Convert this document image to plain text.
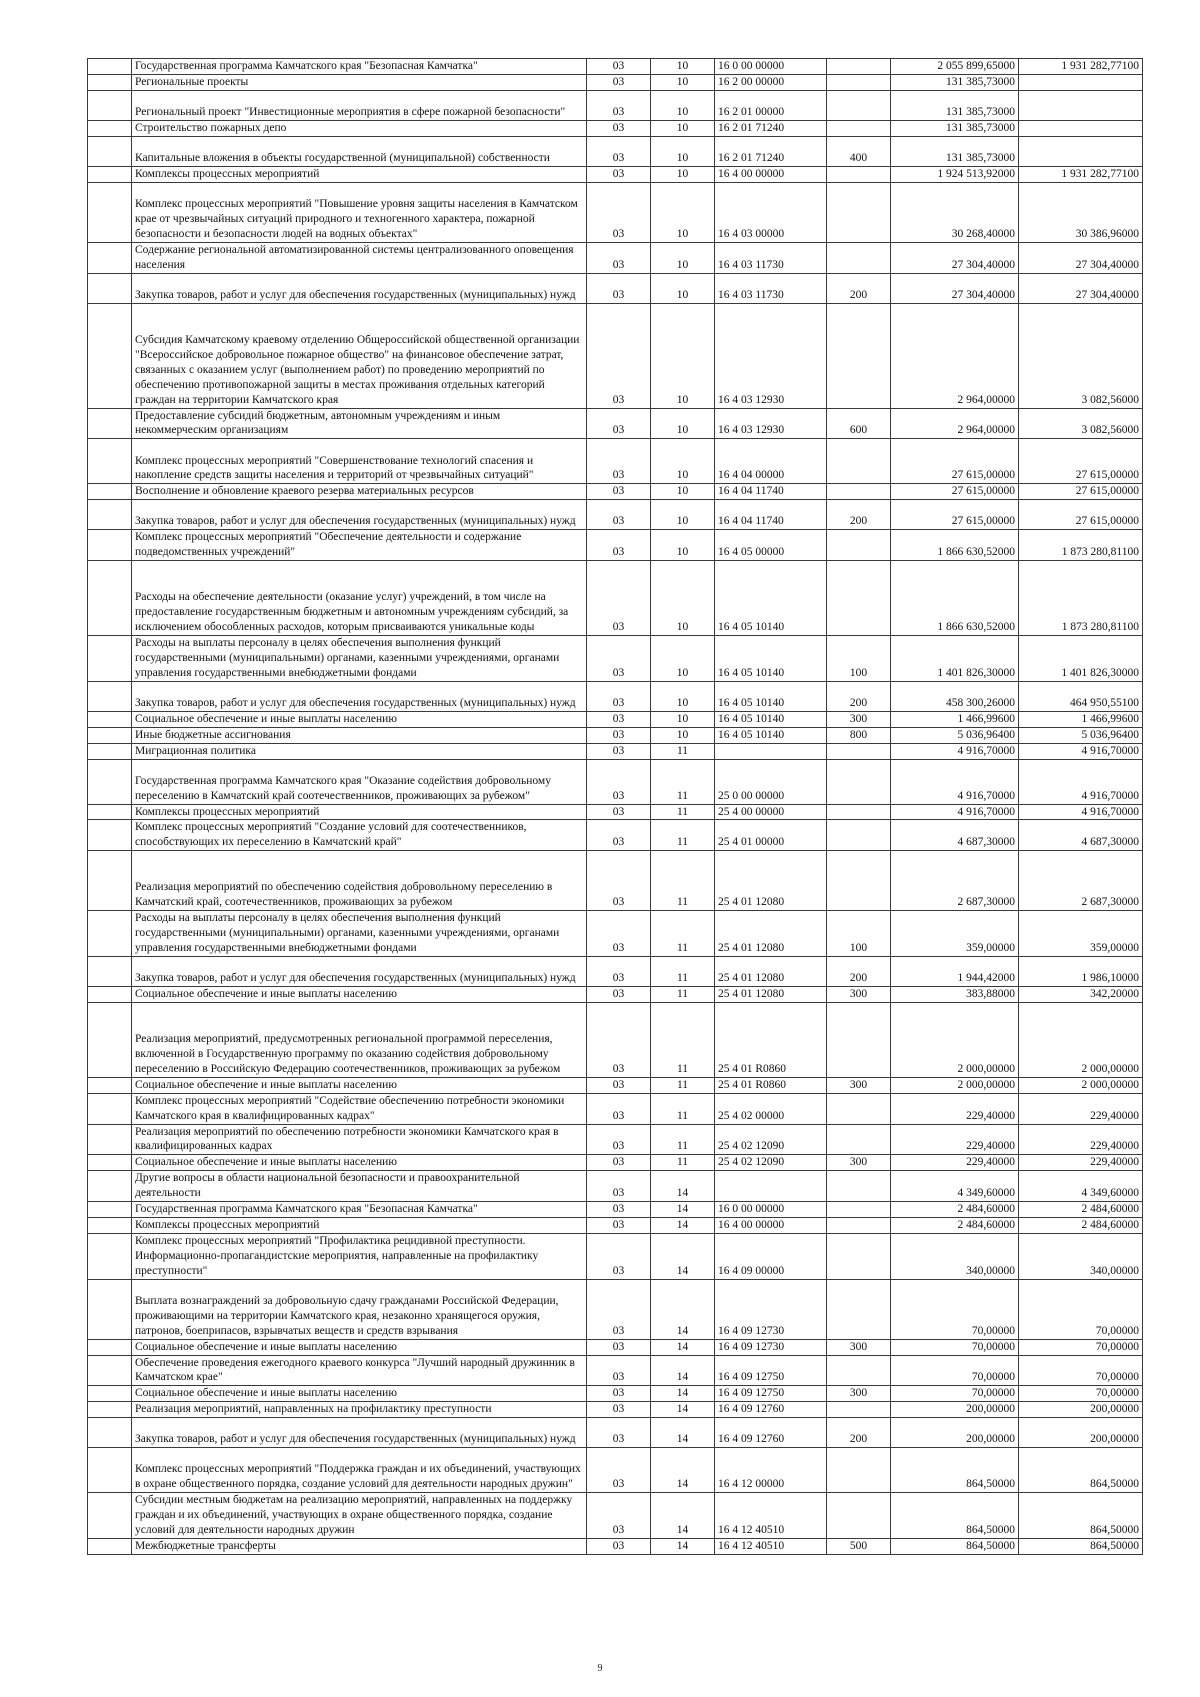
	Государственная программа Камчатского края "Безопасная Камчатка"	03	10	16 0 00 00000		2 055 899,65000	1 931 282,77100
	Региональные проекты	03	10	16 2 00 00000		131 385,73000	
	Региональный проект "Инвестиционные мероприятия в сфере пожарной безопасности"	03	10	16 2 01 00000		131 385,73000	
	Строительство пожарных депо	03	10	16 2 01 71240		131 385,73000	
	Капитальные вложения в объекты государственной (муниципальной) собственности	03	10	16 2 01 71240	400	131 385,73000	
	Комплексы процессных мероприятий	03	10	16 4 00 00000		1 924 513,92000	1 931 282,77100
	Комплекс процессных мероприятий "Повышение уровня защиты населения в Камчатском крае от чрезвычайных ситуаций природного и техногенного характера, пожарной безопасности и безопасности людей на водных объектах"	03	10	16 4 03 00000		30 268,40000	30 386,96000
	Содержание региональной автоматизированной системы централизованного оповещения населения	03	10	16 4 03 11730		27 304,40000	27 304,40000
	Закупка товаров, работ и услуг для обеспечения государственных (муниципальных) нужд	03	10	16 4 03 11730	200	27 304,40000	27 304,40000
	Субсидия Камчатскому краевому отделению Общероссийской общественной организации "Всероссийское добровольное пожарное общество" на финансовое обеспечение затрат, связанных с оказанием услуг (выполнением работ) по проведению мероприятий по обеспечению противопожарной защиты в местах проживания отдельных категорий граждан на территории Камчатского края	03	10	16 4 03 12930		2 964,00000	3 082,56000
	Предоставление субсидий бюджетным, автономным учреждениям и иным некоммерческим организациям	03	10	16 4 03 12930	600	2 964,00000	3 082,56000
	Комплекс процессных мероприятий "Совершенствование технологий спасения и накопление средств защиты населения и территорий от чрезвычайных ситуаций"	03	10	16 4 04 00000		27 615,00000	27 615,00000
	Восполнение и обновление краевого резерва материальных ресурсов	03	10	16 4 04 11740		27 615,00000	27 615,00000
	Закупка товаров, работ и услуг для обеспечения государственных (муниципальных) нужд	03	10	16 4 04 11740	200	27 615,00000	27 615,00000
	Комплекс процессных мероприятий "Обеспечение деятельности и содержание подведомственных учреждений"	03	10	16 4 05 00000		1 866 630,52000	1 873 280,81100
	Расходы на обеспечение деятельности (оказание услуг) учреждений, в том числе на предоставление государственным бюджетным и автономным учреждениям субсидий, за исключением обособленных расходов, которым присваиваются уникальные коды	03	10	16 4 05 10140		1 866 630,52000	1 873 280,81100
	Расходы на выплаты персоналу в целях обеспечения выполнения функций государственными (муниципальными) органами, казенными учреждениями, органами управления государственными внебюджетными фондами	03	10	16 4 05 10140	100	1 401 826,30000	1 401 826,30000
	Закупка товаров, работ и услуг для обеспечения государственных (муниципальных) нужд	03	10	16 4 05 10140	200	458 300,26000	464 950,55100
	Социальное обеспечение и иные выплаты населению	03	10	16 4 05 10140	300	1 466,99600	1 466,99600
	Иные бюджетные ассигнования	03	10	16 4 05 10140	800	5 036,96400	5 036,96400
	Миграционная политика	03	11			4 916,70000	4 916,70000
	Государственная программа Камчатского края "Оказание содействия добровольному переселению в Камчатский край соотечественников, проживающих за рубежом"	03	11	25 0 00 00000		4 916,70000	4 916,70000
	Комплексы процессных мероприятий	03	11	25 4 00 00000		4 916,70000	4 916,70000
	Комплекс процессных мероприятий "Создание условий для соотечественников, способствующих их переселению в Камчатский край"	03	11	25 4 01 00000		4 687,30000	4 687,30000
	Реализация мероприятий по обеспечению содействия добровольному переселению в Камчатский край, соотечественников, проживающих за рубежом	03	11	25 4 01 12080		2 687,30000	2 687,30000
	Расходы на выплаты персоналу в целях обеспечения выполнения функций государственными (муниципальными) органами, казенными учреждениями, органами управления государственными внебюджетными фондами	03	11	25 4 01 12080	100	359,00000	359,00000
	Закупка товаров, работ и услуг для обеспечения государственных (муниципальных) нужд	03	11	25 4 01 12080	200	1 944,42000	1 986,10000
	Социальное обеспечение и иные выплаты населению	03	11	25 4 01 12080	300	383,88000	342,20000
	Реализация мероприятий, предусмотренных региональной программой переселения, включенной в Государственную программу по оказанию содействия добровольному переселению в Российскую Федерацию соотечественников, проживающих за рубежом	03	11	25 4 01 R0860		2 000,00000	2 000,00000
	Социальное обеспечение и иные выплаты населению	03	11	25 4 01 R0860	300	2 000,00000	2 000,00000
	Комплекс процессных мероприятий "Содействие обеспечению потребности экономики Камчатского края в квалифицированных кадрах"	03	11	25 4 02 00000		229,40000	229,40000
	Реализация мероприятий по обеспечению потребности экономики Камчатского края в квалифицированных кадрах	03	11	25 4 02 12090		229,40000	229,40000
	Социальное обеспечение и иные выплаты населению	03	11	25 4 02 12090	300	229,40000	229,40000
	Другие вопросы в области национальной безопасности и правоохранительной деятельности	03	14			4 349,60000	4 349,60000
	Государственная программа Камчатского края "Безопасная Камчатка"	03	14	16 0 00 00000		2 484,60000	2 484,60000
	Комплексы процессных мероприятий	03	14	16 4 00 00000		2 484,60000	2 484,60000
	Комплекс процессных мероприятий "Профилактика рецидивной преступности. Информационно-пропагандистские мероприятия, направленные на профилактику преступности"	03	14	16 4 09 00000		340,00000	340,00000
	Выплата вознаграждений за добровольную сдачу гражданами Российской Федерации, проживающими на территории Камчатского края, незаконно хранящегося оружия, патронов, боеприпасов, взрывчатых веществ и средств взрывания	03	14	16 4 09 12730		70,00000	70,00000
	Социальное обеспечение и иные выплаты населению	03	14	16 4 09 12730	300	70,00000	70,00000
	Обеспечение проведения ежегодного краевого конкурса "Лучший народный дружинник в Камчатском крае"	03	14	16 4 09 12750		70,00000	70,00000
	Социальное обеспечение и иные выплаты населению	03	14	16 4 09 12750	300	70,00000	70,00000
	Реализация мероприятий, направленных на профилактику преступности	03	14	16 4 09 12760		200,00000	200,00000
	Закупка товаров, работ и услуг для обеспечения государственных (муниципальных) нужд	03	14	16 4 09 12760	200	200,00000	200,00000
	Комплекс процессных мероприятий "Поддержка граждан и их объединений, участвующих в охране общественного порядка, создание условий для деятельности народных дружин"	03	14	16 4 12 00000		864,50000	864,50000
	Субсидии местным бюджетам на реализацию мероприятий, направленных на поддержку граждан и их объединений, участвующих в охране общественного порядка, создание условий для деятельности народных дружин	03	14	16 4 12 40510		864,50000	864,50000
	Межбюджетные трансферты	03	14	16 4 12 40510	500	864,50000	864,50000
9
